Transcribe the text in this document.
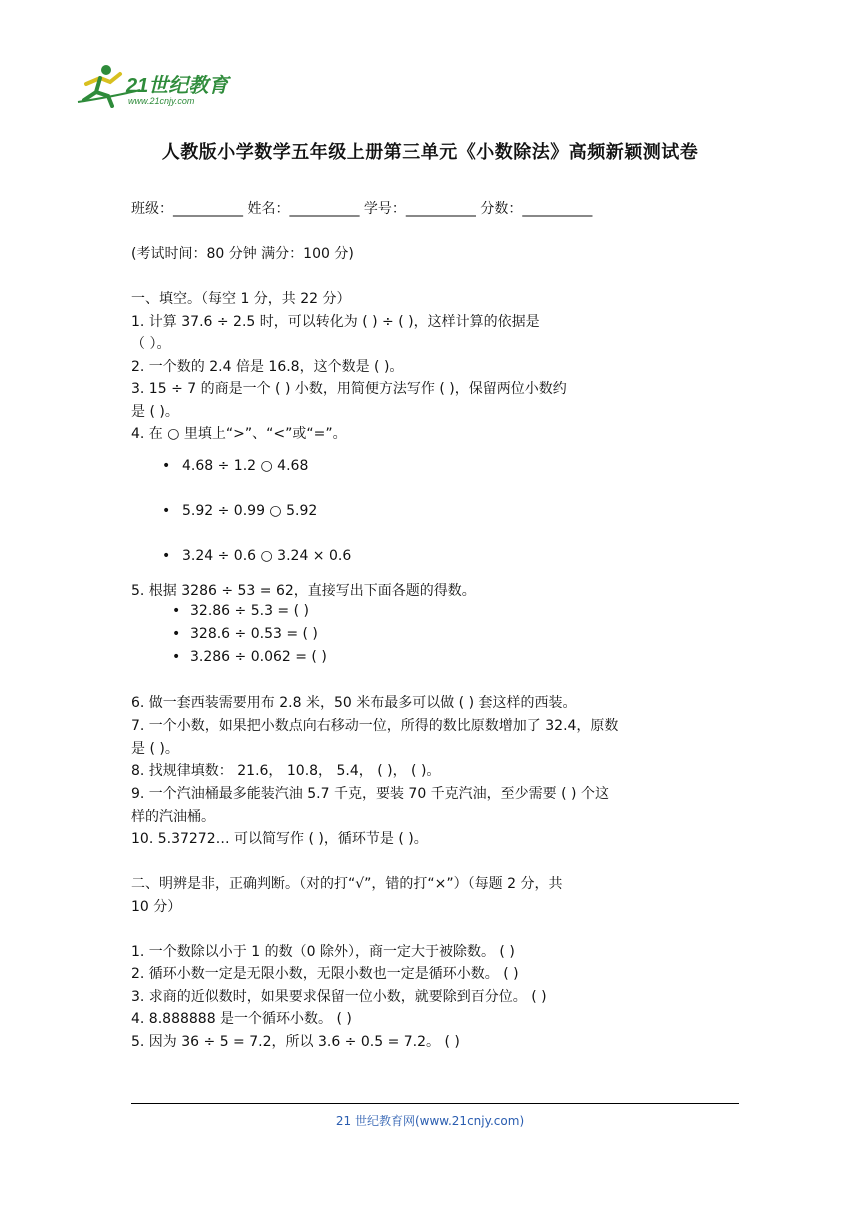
21世纪教育
www.21cnjy.com
人教版小学数学五年级上册第三单元《小数除法》高频新颖测试卷
班级：__________ 姓名：__________ 学号：__________ 分数：__________
(考试时间：80 分钟 满分：100 分)
一、填空。（每空 1 分，共 22 分）
1. 计算 37.6 ÷ 2.5 时，可以转化为 ( ) ÷ ( )，这样计算的依据是
（ ）。
2. 一个数的 2.4 倍是 16.8，这个数是 ( )。
3. 15 ÷ 7 的商是一个 ( ) 小数，用简便方法写作 ( )，保留两位小数约
是 ( )。
4. 在 ○ 里填上“>”、“<”或“=”。
• 4.68 ÷ 1.2 ○ 4.68
• 5.92 ÷ 0.99 ○ 5.92
• 3.24 ÷ 0.6 ○ 3.24 × 0.6
5. 根据 3286 ÷ 53 = 62，直接写出下面各题的得数。
• 32.86 ÷ 5.3 = ( )
• 328.6 ÷ 0.53 = ( )
• 3.286 ÷ 0.062 = ( )
6. 做一套西装需要用布 2.8 米，50 米布最多可以做 ( ) 套这样的西装。
7. 一个小数，如果把小数点向右移动一位，所得的数比原数增加了 32.4，原数
是 ( )。
8. 找规律填数： 21.6， 10.8， 5.4， ( )， ( )。
9. 一个汽油桶最多能装汽油 5.7 千克，要装 70 千克汽油，至少需要 ( ) 个这
样的汽油桶。
10. 5.37272… 可以简写作 ( )，循环节是 ( )。
二、明辨是非，正确判断。（对的打“√”，错的打“×”）（每题 2 分，共
10 分）
1. 一个数除以小于 1 的数（0 除外），商一定大于被除数。 ( )
2. 循环小数一定是无限小数，无限小数也一定是循环小数。 ( )
3. 求商的近似数时，如果要求保留一位小数，就要除到百分位。 ( )
4. 8.888888 是一个循环小数。 ( )
5. 因为 36 ÷ 5 = 7.2，所以 3.6 ÷ 0.5 = 7.2。 ( )
21 世纪教育网(www.21cnjy.com)
